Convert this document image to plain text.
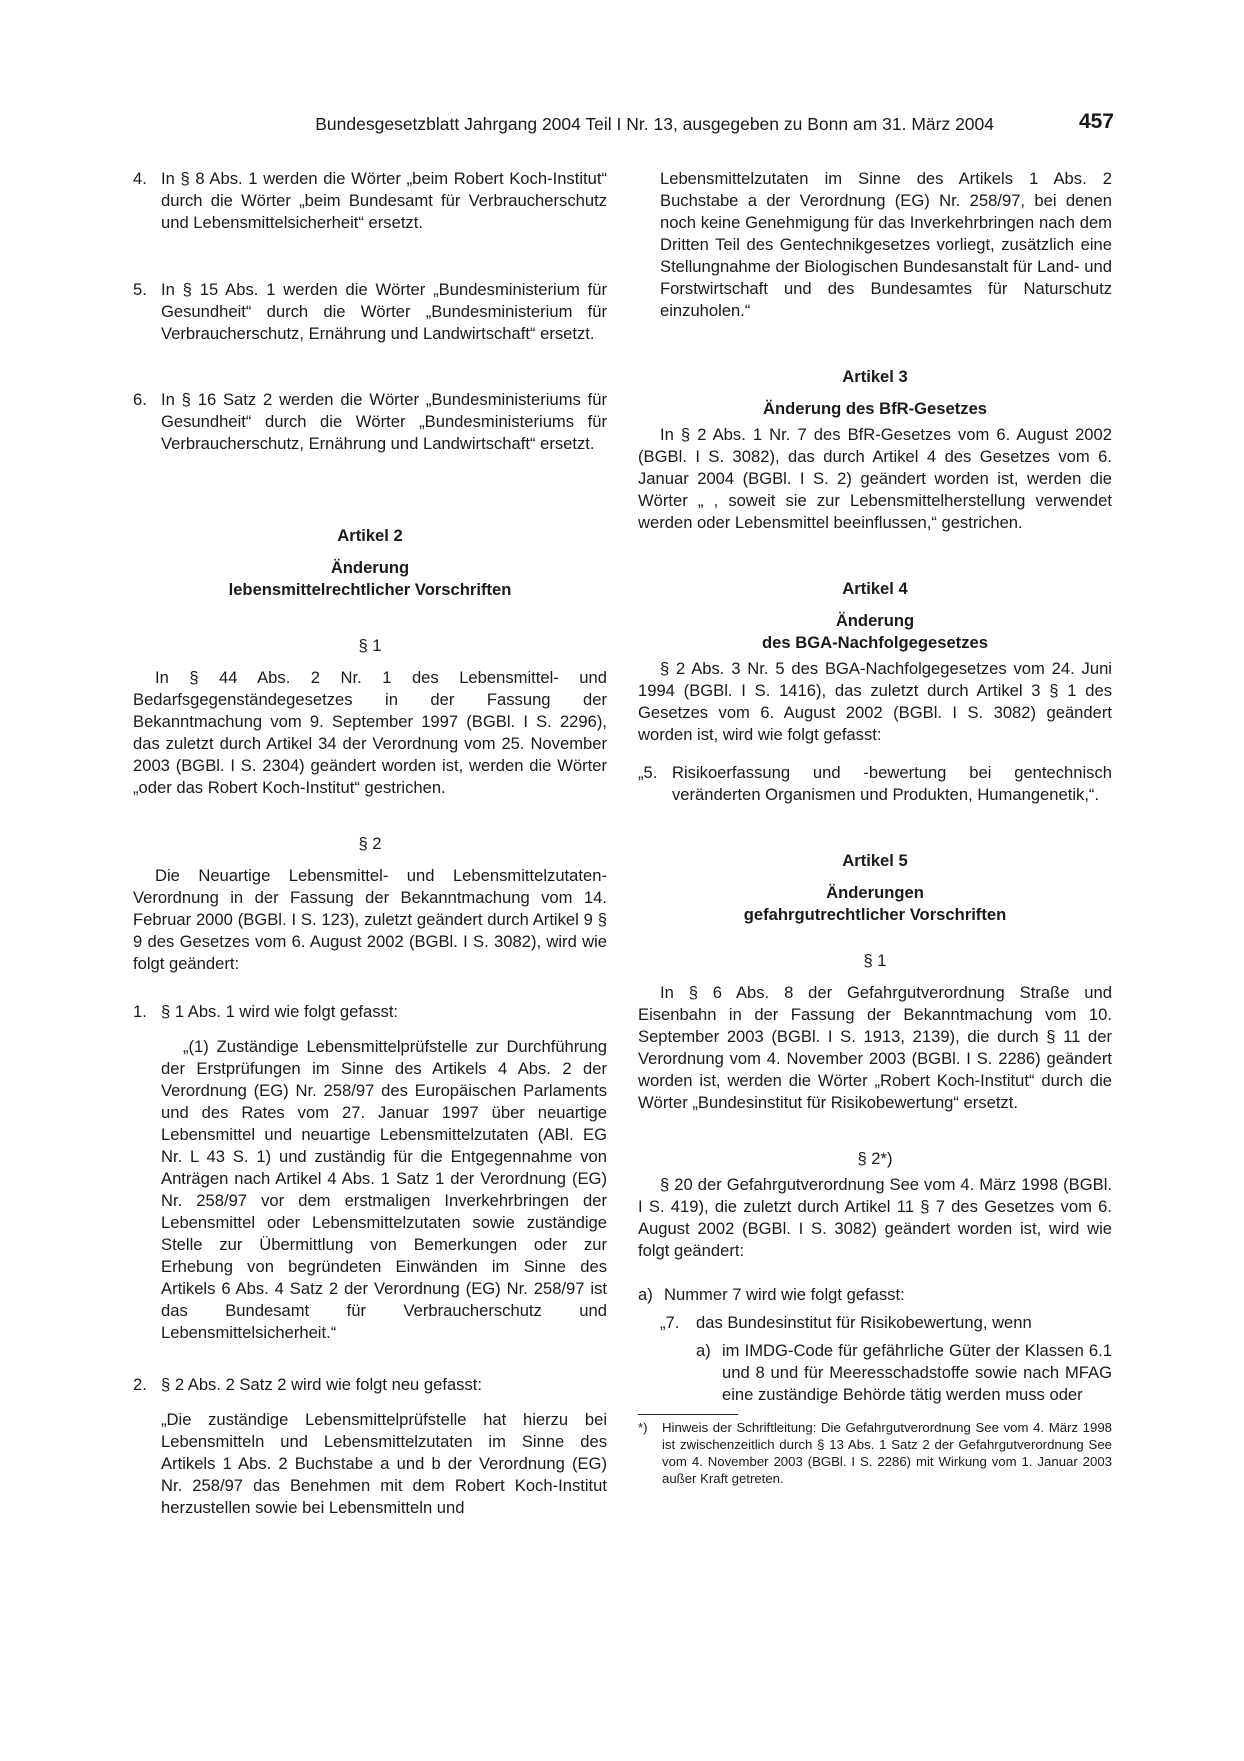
Bundesgesetzblatt Jahrgang 2004 Teil I Nr. 13, ausgegeben zu Bonn am 31. März 2004	457
4. In § 8 Abs. 1 werden die Wörter „beim Robert Koch-Institut“ durch die Wörter „beim Bundesamt für Verbraucherschutz und Lebensmittelsicherheit“ ersetzt.
5. In § 15 Abs. 1 werden die Wörter „Bundesministerium für Gesundheit“ durch die Wörter „Bundesministerium für Verbraucherschutz, Ernährung und Landwirtschaft“ ersetzt.
6. In § 16 Satz 2 werden die Wörter „Bundesministeriums für Gesundheit“ durch die Wörter „Bundesministeriums für Verbraucherschutz, Ernährung und Landwirtschaft“ ersetzt.

Artikel 2

Änderung

lebensmittelrechtlicher Vorschriften

§ 1

In § 44 Abs. 2 Nr. 1 des Lebensmittel- und Bedarfsgegenständegesetzes in der Fassung der Bekanntmachung vom 9. September 1997 (BGBl. I S. 2296), das zuletzt durch Artikel 34 der Verordnung vom 25. November 2003 (BGBl. I S. 2304) geändert worden ist, werden die Wörter „oder das Robert Koch-Institut“ gestrichen.

§ 2

Die Neuartige Lebensmittel- und Lebensmittelzutaten-Verordnung in der Fassung der Bekanntmachung vom 14. Februar 2000 (BGBl. I S. 123), zuletzt geändert durch Artikel 9 § 9 des Gesetzes vom 6. August 2002 (BGBl. I S. 3082), wird wie folgt geändert:

1. § 1 Abs. 1 wird wie folgt gefasst:

„(1) Zuständige Lebensmittelprüfstelle zur Durchführung der Erstprüfungen im Sinne des Artikels 4 Abs. 2 der Verordnung (EG) Nr. 258/97 des Europäischen Parlaments und des Rates vom 27. Januar 1997 über neuartige Lebensmittel und neuartige Lebensmittelzutaten (ABl. EG Nr. L 43 S. 1) und zuständig für die Entgegennahme von Anträgen nach Artikel 4 Abs. 1 Satz 1 der Verordnung (EG) Nr. 258/97 vor dem erstmaligen Inverkehrbringen der Lebensmittel oder Lebensmittelzutaten sowie zuständige Stelle zur Übermittlung von Bemerkungen oder zur Erhebung von begründeten Einwänden im Sinne des Artikels 6 Abs. 4 Satz 2 der Verordnung (EG) Nr. 258/97 ist das Bundesamt für Verbraucherschutz und Lebensmittelsicherheit.“

2. § 2 Abs. 2 Satz 2 wird wie folgt neu gefasst:

„Die zuständige Lebensmittelprüfstelle hat hierzu bei Lebensmitteln und Lebensmittelzutaten im Sinne des Artikels 1 Abs. 2 Buchstabe a und b der Verordnung (EG) Nr. 258/97 das Benehmen mit dem Robert Koch-Institut herzustellen sowie bei Lebensmitteln und

Lebensmittelzutaten im Sinne des Artikels 1 Abs. 2 Buchstabe a der Verordnung (EG) Nr. 258/97, bei denen noch keine Genehmigung für das Inverkehrbringen nach dem Dritten Teil des Gentechnikgesetzes vorliegt, zusätzlich eine Stellungnahme der Biologischen Bundesanstalt für Land- und Forstwirtschaft und des Bundesamtes für Naturschutz einzuholen.“

Artikel 3

Änderung des BfR-Gesetzes

In § 2 Abs. 1 Nr. 7 des BfR-Gesetzes vom 6. August 2002 (BGBl. I S. 3082), das durch Artikel 4 des Gesetzes vom 6. Januar 2004 (BGBl. I S. 2) geändert worden ist, werden die Wörter „ , soweit sie zur Lebensmittelherstellung verwendet werden oder Lebensmittel beeinflussen,“ gestrichen.

Artikel 4

Änderung

des BGA-Nachfolgegesetzes

§ 2 Abs. 3 Nr. 5 des BGA-Nachfolgegesetzes vom 24. Juni 1994 (BGBl. I S. 1416), das zuletzt durch Artikel 3 § 1 des Gesetzes vom 6. August 2002 (BGBl. I S. 3082) geändert worden ist, wird wie folgt gefasst:

„5. Risikoerfassung und -bewertung bei gentechnisch veränderten Organismen und Produkten, Humangenetik,“.

Artikel 5

Änderungen

gefahrgutrechtlicher Vorschriften

§ 1

In § 6 Abs. 8 der Gefahrgutverordnung Straße und Eisenbahn in der Fassung der Bekanntmachung vom 10. September 2003 (BGBl. I S. 1913, 2139), die durch § 11 der Verordnung vom 4. November 2003 (BGBl. I S. 2286) geändert worden ist, werden die Wörter „Robert Koch-Institut“ durch die Wörter „Bundesinstitut für Risikobewertung“ ersetzt.

§ 2*)

§ 20 der Gefahrgutverordnung See vom 4. März 1998 (BGBl. I S. 419), die zuletzt durch Artikel 11 § 7 des Gesetzes vom 6. August 2002 (BGBl. I S. 3082) geändert worden ist, wird wie folgt geändert:

a) Nummer 7 wird wie folgt gefasst:
„7.	das Bundesinstitut für Risikobewertung, wenn
a) im IMDG-Code für gefährliche Güter der Klassen 6.1 und 8 und für Meeresschadstoffe sowie nach MFAG eine zuständige Behörde tätig werden muss oder
*)	Hinweis der Schriftleitung: Die Gefahrgutverordnung See vom 4. März 1998 ist zwischenzeitlich durch § 13 Abs. 1 Satz 2 der Gefahrgutverordnung See vom 4. November 2003 (BGBl. I S. 2286) mit Wirkung vom 1. Januar 2003 außer Kraft getreten.
